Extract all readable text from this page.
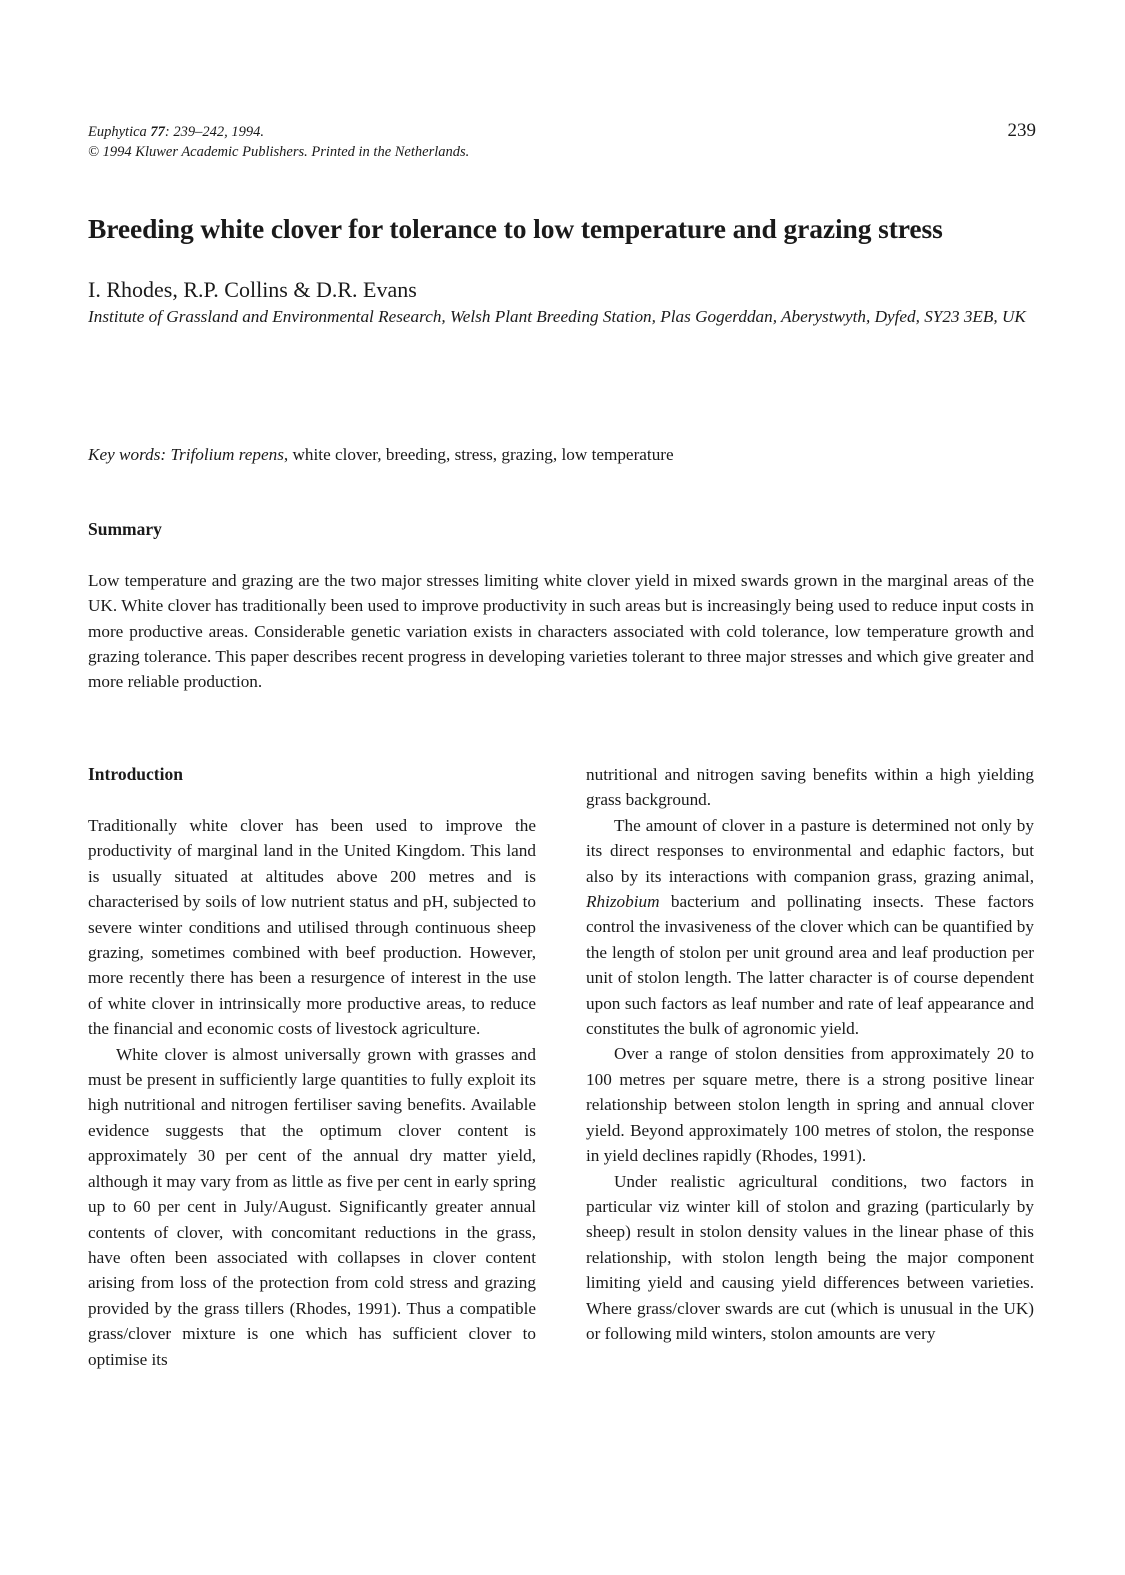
Euphytica 77: 239–242, 1994.
© 1994 Kluwer Academic Publishers. Printed in the Netherlands.
239
Breeding white clover for tolerance to low temperature and grazing stress
I. Rhodes, R.P. Collins & D.R. Evans
Institute of Grassland and Environmental Research, Welsh Plant Breeding Station, Plas Gogerddan, Aberystwyth, Dyfed, SY23 3EB, UK
Key words: Trifolium repens, white clover, breeding, stress, grazing, low temperature
Summary

Low temperature and grazing are the two major stresses limiting white clover yield in mixed swards grown in the marginal areas of the UK. White clover has traditionally been used to improve productivity in such areas but is increasingly being used to reduce input costs in more productive areas. Considerable genetic variation exists in characters associated with cold tolerance, low temperature growth and grazing tolerance. This paper describes recent progress in developing varieties tolerant to three major stresses and which give greater and more reliable production.

Introduction

Traditionally white clover has been used to improve the productivity of marginal land in the United Kingdom. This land is usually situated at altitudes above 200 metres and is characterised by soils of low nutrient status and pH, subjected to severe winter conditions and utilised through continuous sheep grazing, sometimes combined with beef production. However, more recently there has been a resurgence of interest in the use of white clover in intrinsically more productive areas, to reduce the financial and economic costs of livestock agriculture.

White clover is almost universally grown with grasses and must be present in sufficiently large quantities to fully exploit its high nutritional and nitrogen fertiliser saving benefits. Available evidence suggests that the optimum clover content is approximately 30 per cent of the annual dry matter yield, although it may vary from as little as five per cent in early spring up to 60 per cent in July/August. Significantly greater annual contents of clover, with concomitant reductions in the grass, have often been associated with collapses in clover content arising from loss of the protection from cold stress and grazing provided by the grass tillers (Rhodes, 1991). Thus a compatible grass/clover mixture is one which has sufficient clover to optimise its

nutritional and nitrogen saving benefits within a high yielding grass background.

The amount of clover in a pasture is determined not only by its direct responses to environmental and edaphic factors, but also by its interactions with companion grass, grazing animal, Rhizobium bacterium and pollinating insects. These factors control the invasiveness of the clover which can be quantified by the length of stolon per unit ground area and leaf production per unit of stolon length. The latter character is of course dependent upon such factors as leaf number and rate of leaf appearance and constitutes the bulk of agronomic yield.

Over a range of stolon densities from approximately 20 to 100 metres per square metre, there is a strong positive linear relationship between stolon length in spring and annual clover yield. Beyond approximately 100 metres of stolon, the response in yield declines rapidly (Rhodes, 1991).

Under realistic agricultural conditions, two factors in particular viz winter kill of stolon and grazing (particularly by sheep) result in stolon density values in the linear phase of this relationship, with stolon length being the major component limiting yield and causing yield differences between varieties. Where grass/clover swards are cut (which is unusual in the UK) or following mild winters, stolon amounts are very
